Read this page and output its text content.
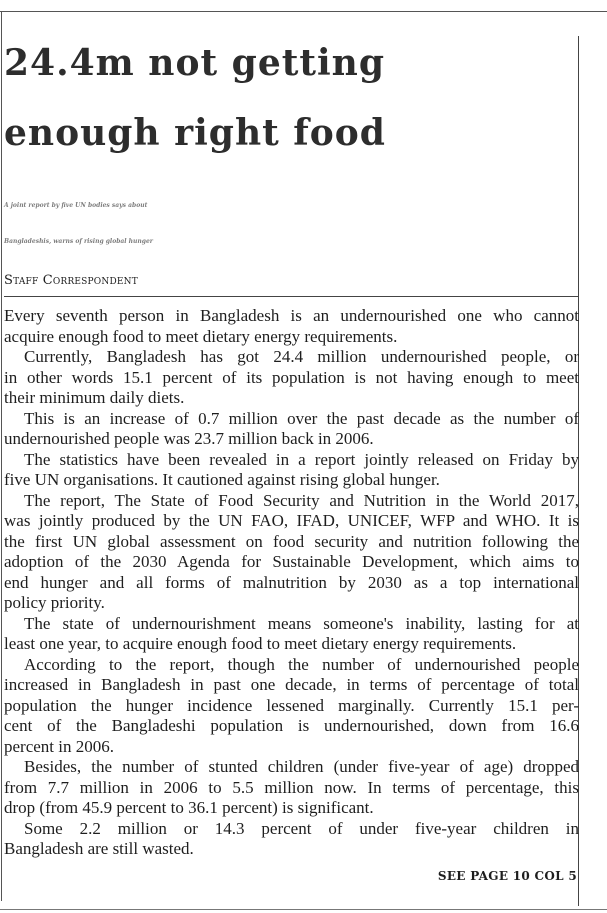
24.4m not getting
enough right food
A joint report by five UN bodies says about
Bangladeshis, warns of rising global hunger
Staff Correspondent
Every seventh person in Bangladesh is an undernourished one who cannot
acquire enough food to meet dietary energy requirements.
Currently, Bangladesh has got 24.4 million undernourished people, or
in other words 15.1 percent of its population is not having enough to meet
their minimum daily diets.
This is an increase of 0.7 million over the past decade as the number of
undernourished people was 23.7 million back in 2006.
The statistics have been revealed in a report jointly released on Friday by
five UN organisations. It cautioned against rising global hunger.
The report, The State of Food Security and Nutrition in the World 2017,
was jointly produced by the UN FAO, IFAD, UNICEF, WFP and WHO. It is
the first UN global assessment on food security and nutrition following the
adoption of the 2030 Agenda for Sustainable Development, which aims to
end hunger and all forms of malnutrition by 2030 as a top international
policy priority.
The state of undernourishment means someone's inability, lasting for at
least one year, to acquire enough food to meet dietary energy requirements.
According to the report, though the number of undernourished people
increased in Bangladesh in past one decade, in terms of percentage of total
population the hunger incidence lessened marginally. Currently 15.1 per-
cent of the Bangladeshi population is undernourished, down from 16.6
percent in 2006.
Besides, the number of stunted children (under five-year of age) dropped
from 7.7 million in 2006 to 5.5 million now. In terms of percentage, this
drop (from 45.9 percent to 36.1 percent) is significant.
Some 2.2 million or 14.3 percent of under five-year children in
Bangladesh are still wasted.
SEE PAGE 10 COL 5
